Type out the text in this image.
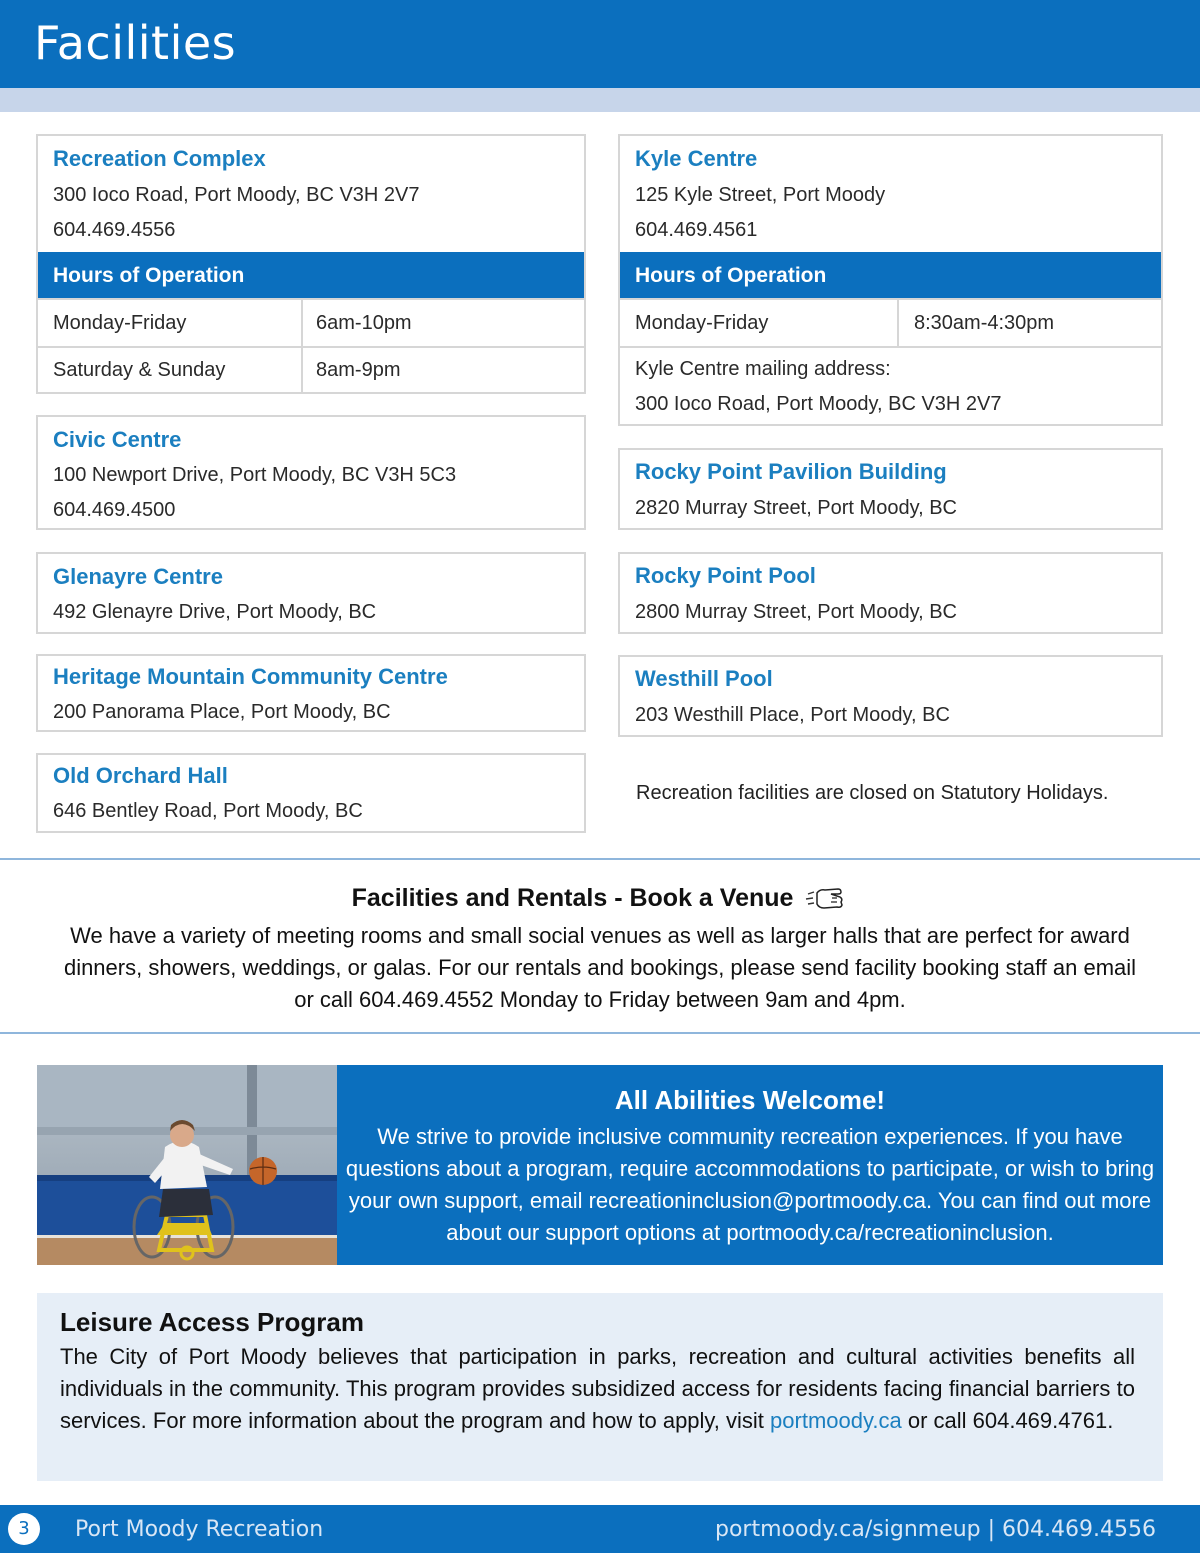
Facilities
Recreation Complex
300 Ioco Road, Port Moody, BC V3H 2V7
604.469.4556
Hours of Operation
Monday-Friday	6am-10pm
Saturday & Sunday	8am-9pm
Civic Centre
100 Newport Drive, Port Moody, BC V3H 5C3
604.469.4500
Glenayre Centre
492 Glenayre Drive, Port Moody, BC
Heritage Mountain Community Centre
200 Panorama Place, Port Moody, BC
Old Orchard Hall
646 Bentley Road, Port Moody, BC
Kyle Centre
125 Kyle Street, Port Moody
604.469.4561
Hours of Operation
Monday-Friday	8:30am-4:30pm
Kyle Centre mailing address:
300 Ioco Road, Port Moody, BC V3H 2V7
Rocky Point Pavilion Building
2820 Murray Street, Port Moody, BC
Rocky Point Pool
2800 Murray Street, Port Moody, BC
Westhill Pool
203 Westhill Place, Port Moody, BC
Recreation facilities are closed on Statutory Holidays.
Facilities and Rentals - Book a Venue
We have a variety of meeting rooms and small social venues as well as larger halls that are perfect for award dinners, showers, weddings, or galas. For our rentals and bookings, please send facility booking staff an email or call 604.469.4552 Monday to Friday between 9am and 4pm.
All Abilities Welcome!
We strive to provide inclusive community recreation experiences. If you have questions about a program, require accommodations to participate, or wish to bring your own support, email recreationinclusion@portmoody.ca. You can find out more about our support options at portmoody.ca/recreationinclusion.
Leisure Access Program
The City of Port Moody believes that participation in parks, recreation and cultural activities benefits all individuals in the community. This program provides subsidized access for residents facing financial barriers to services. For more information about the program and how to apply, visit portmoody.ca or call 604.469.4761.
3	Port Moody Recreation	portmoody.ca/signmeup | 604.469.4556
